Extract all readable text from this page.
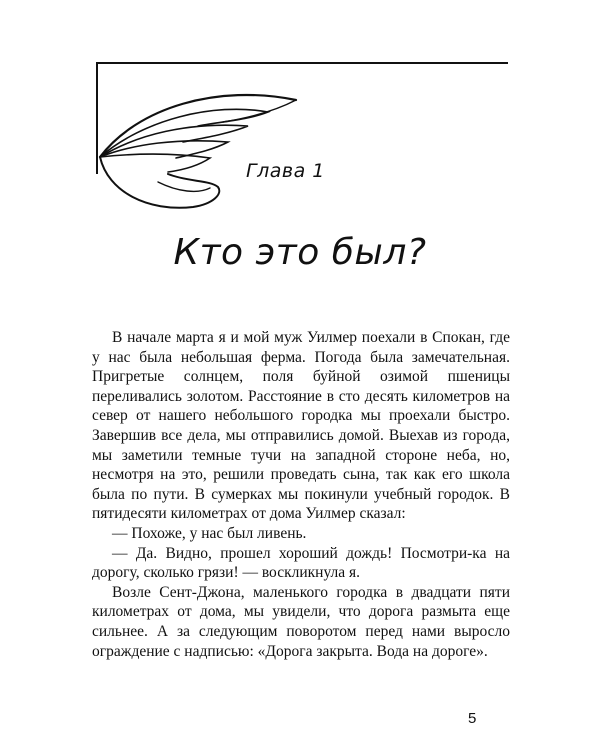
Глава 1
Кто это был?

В начале марта я и мой муж Уилмер поехали в Спокан, где у нас была небольшая ферма. Погода была замечательная. Пригретые солнцем, поля буйной озимой пшеницы переливались золотом. Расстояние в сто десять километров на север от нашего небольшого городка мы проехали быстро. Завершив все дела, мы отправились домой. Выехав из города, мы заметили темные тучи на западной стороне неба, но, несмотря на это, решили проведать сына, так как его школа была по пути. В сумерках мы покинули учебный городок. В пятидесяти километрах от дома Уилмер сказал:

— Похоже, у нас был ливень.

— Да. Видно, прошел хороший дождь! Посмотри-ка на дорогу, сколько грязи! — воскликнула я.

Возле Сент-Джона, маленького городка в двадцати пяти километрах от дома, мы увидели, что дорога размыта еще сильнее. А за следующим поворотом перед нами выросло ограждение с надписью: «Дорога закрыта. Вода на дороге».

5
